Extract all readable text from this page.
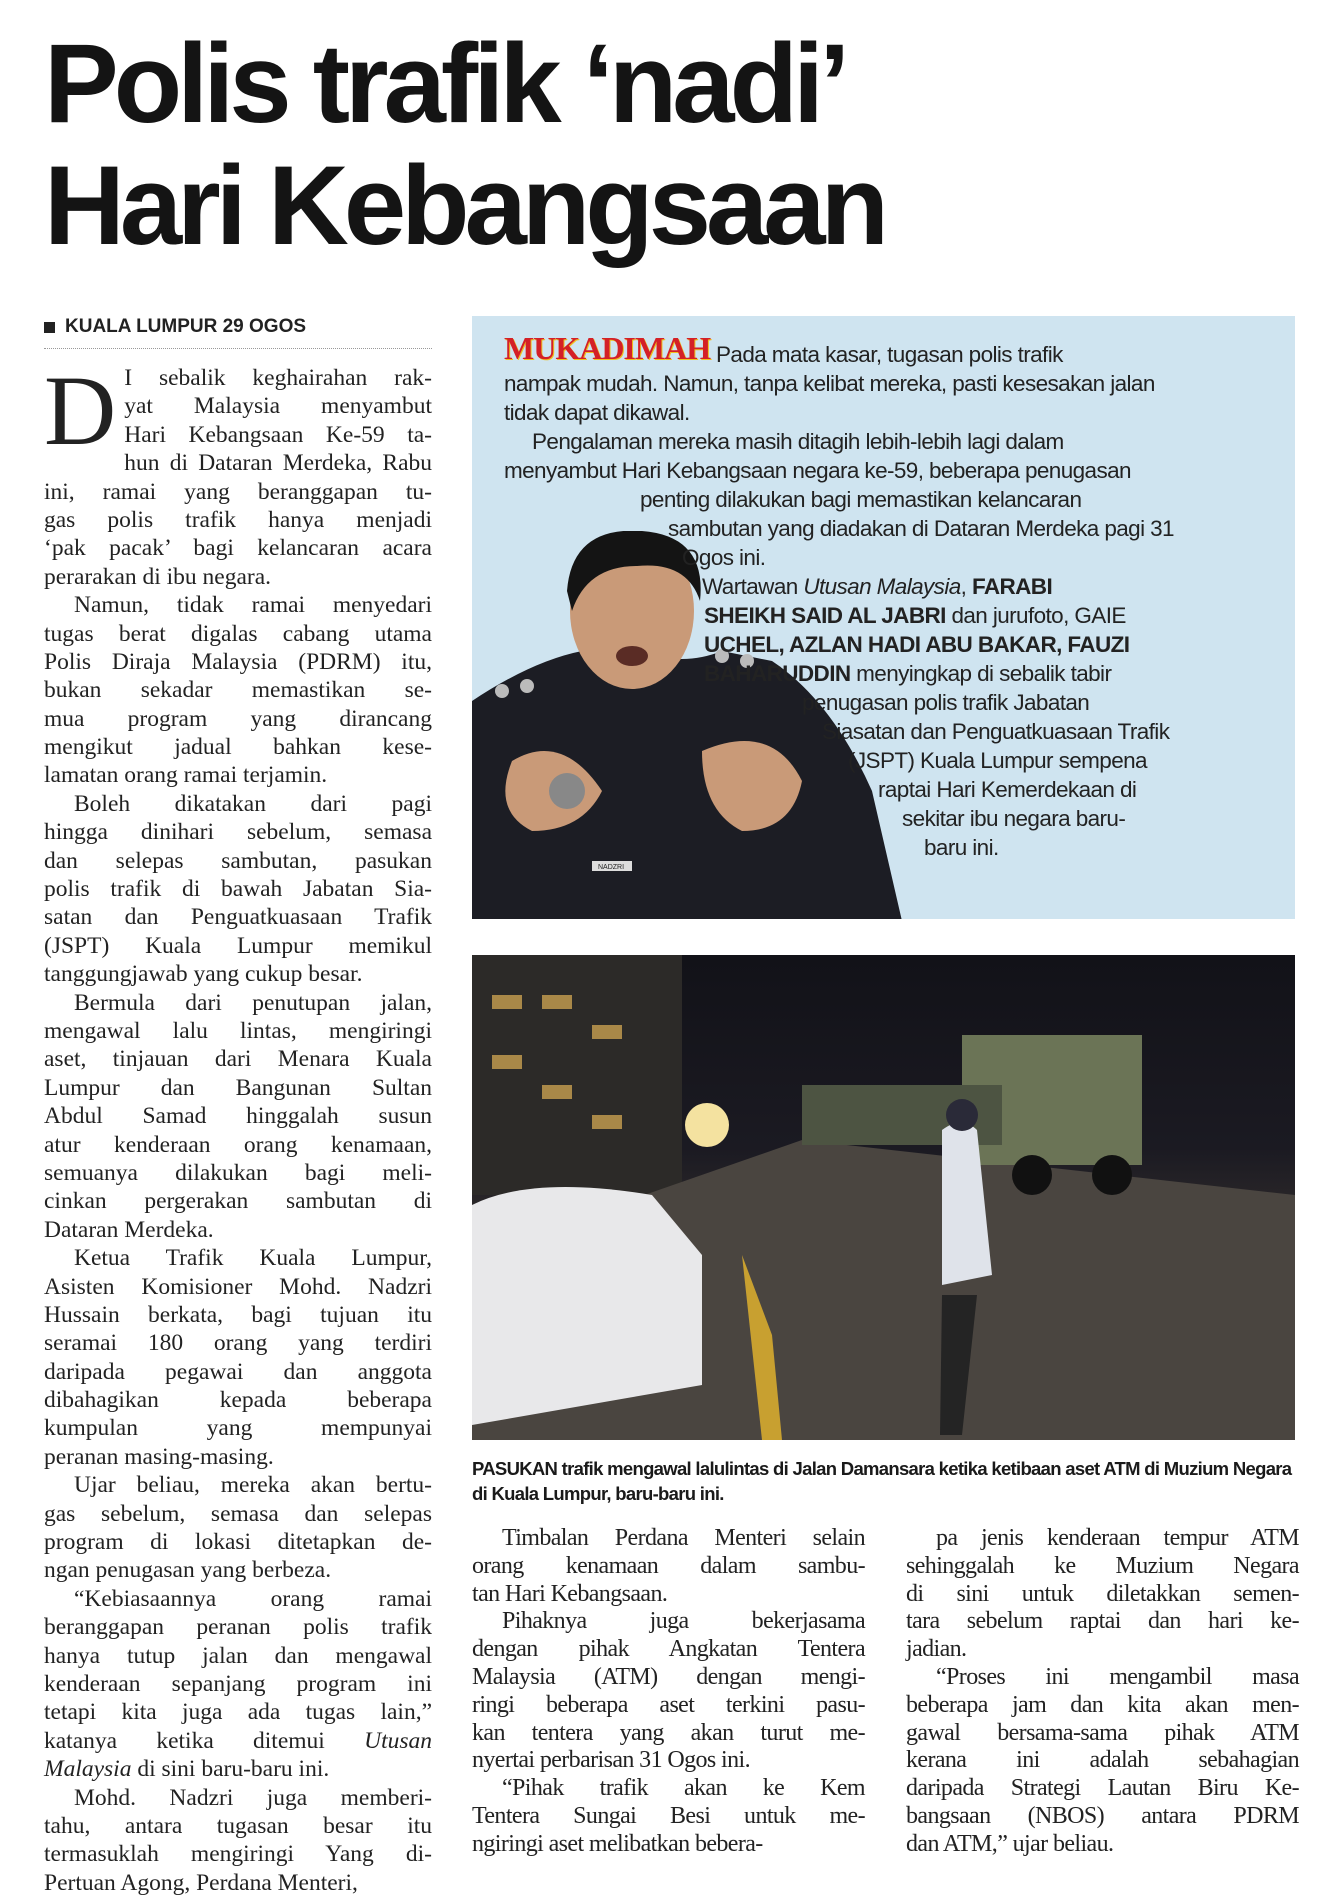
Polis trafik ‘nadi’
Hari Kebangsaan
KUALA LUMPUR 29 OGOS
D I sebalik keghairahan rak-
yat Malaysia menyambut
Hari Kebangsaan Ke-59 ta-
hun di Dataran Merdeka, Rabu
ini, ramai yang beranggapan tu-
gas polis trafik hanya menjadi
‘pak pacak’ bagi kelancaran acara
perarakan di ibu negara.
Namun, tidak ramai menyedari
tugas berat digalas cabang utama
Polis Diraja Malaysia (PDRM) itu,
bukan sekadar memastikan se-
mua program yang dirancang
mengikut jadual bahkan kese-
lamatan orang ramai terjamin.
Boleh dikatakan dari pagi
hingga dinihari sebelum, semasa
dan selepas sambutan, pasukan
polis trafik di bawah Jabatan Sia-
satan dan Penguatkuasaan Trafik
(JSPT) Kuala Lumpur memikul
tanggungjawab yang cukup besar.
Bermula dari penutupan jalan,
mengawal lalu lintas, mengiringi
aset, tinjauan dari Menara Kuala
Lumpur dan Bangunan Sultan
Abdul Samad hinggalah susun
atur kenderaan orang kenamaan,
semuanya dilakukan bagi meli-
cinkan pergerakan sambutan di
Dataran Merdeka.
Ketua Trafik Kuala Lumpur,
Asisten Komisioner Mohd. Nadzri
Hussain berkata, bagi tujuan itu
seramai 180 orang yang terdiri
daripada pegawai dan anggota
dibahagikan kepada beberapa
kumpulan yang mempunyai
peranan masing-masing.
Ujar beliau, mereka akan bertu-
gas sebelum, semasa dan selepas
program di lokasi ditetapkan de-
ngan penugasan yang berbeza.
“Kebiasaannya orang ramai
beranggapan peranan polis trafik
hanya tutup jalan dan mengawal
kenderaan sepanjang program ini
tetapi kita juga ada tugas lain,”
katanya ketika ditemui Utusan
Malaysia di sini baru-baru ini.
Mohd. Nadzri juga memberi-
tahu, antara tugasan besar itu
termasuklah mengiringi Yang di-
Pertuan Agong, Perdana Menteri,
NADZRI
Pada mata kasar, tugasan polis trafik
nampak mudah. Namun, tanpa kelibat mereka, pasti kesesakan jalan
tidak dapat dikawal.
Pengalaman mereka masih ditagih lebih-lebih lagi dalam
menyambut Hari Kebangsaan negara ke-59, beberapa penugasan
penting dilakukan bagi memastikan kelancaran
sambutan yang diadakan di Dataran Merdeka pagi 31
Ogos ini.
Wartawan Utusan Malaysia, FARABI
SHEIKH SAID AL JABRI dan jurufoto, GAIE
UCHEL, AZLAN HADI ABU BAKAR, FAUZI
BAHARUDDIN menyingkap di sebalik tabir
penugasan polis trafik Jabatan
Siasatan dan Penguatkuasaan Trafik
(JSPT) Kuala Lumpur sempena
raptai Hari Kemerdekaan di
sekitar ibu negara baru-
baru ini.
MUKADIMAH
PASUKAN trafik mengawal lalulintas di Jalan Damansara ketika ketibaan aset ATM di Muzium Negara di Kuala Lumpur, baru-baru ini.
Timbalan Perdana Menteri selain
orang kenamaan dalam sambu-
tan Hari Kebangsaan.
Pihaknya juga bekerjasama
dengan pihak Angkatan Tentera
Malaysia (ATM) dengan mengi-
ringi beberapa aset terkini pasu-
kan tentera yang akan turut me-
nyertai perbarisan 31 Ogos ini.
“Pihak trafik akan ke Kem
Tentera Sungai Besi untuk me-
ngiringi aset melibatkan bebera-
pa jenis kenderaan tempur ATM
sehinggalah ke Muzium Negara
di sini untuk diletakkan semen-
tara sebelum raptai dan hari ke-
jadian.
“Proses ini mengambil masa
beberapa jam dan kita akan men-
gawal bersama-sama pihak ATM
kerana ini adalah sebahagian
daripada Strategi Lautan Biru Ke-
bangsaan (NBOS) antara PDRM
dan ATM,” ujar beliau.
